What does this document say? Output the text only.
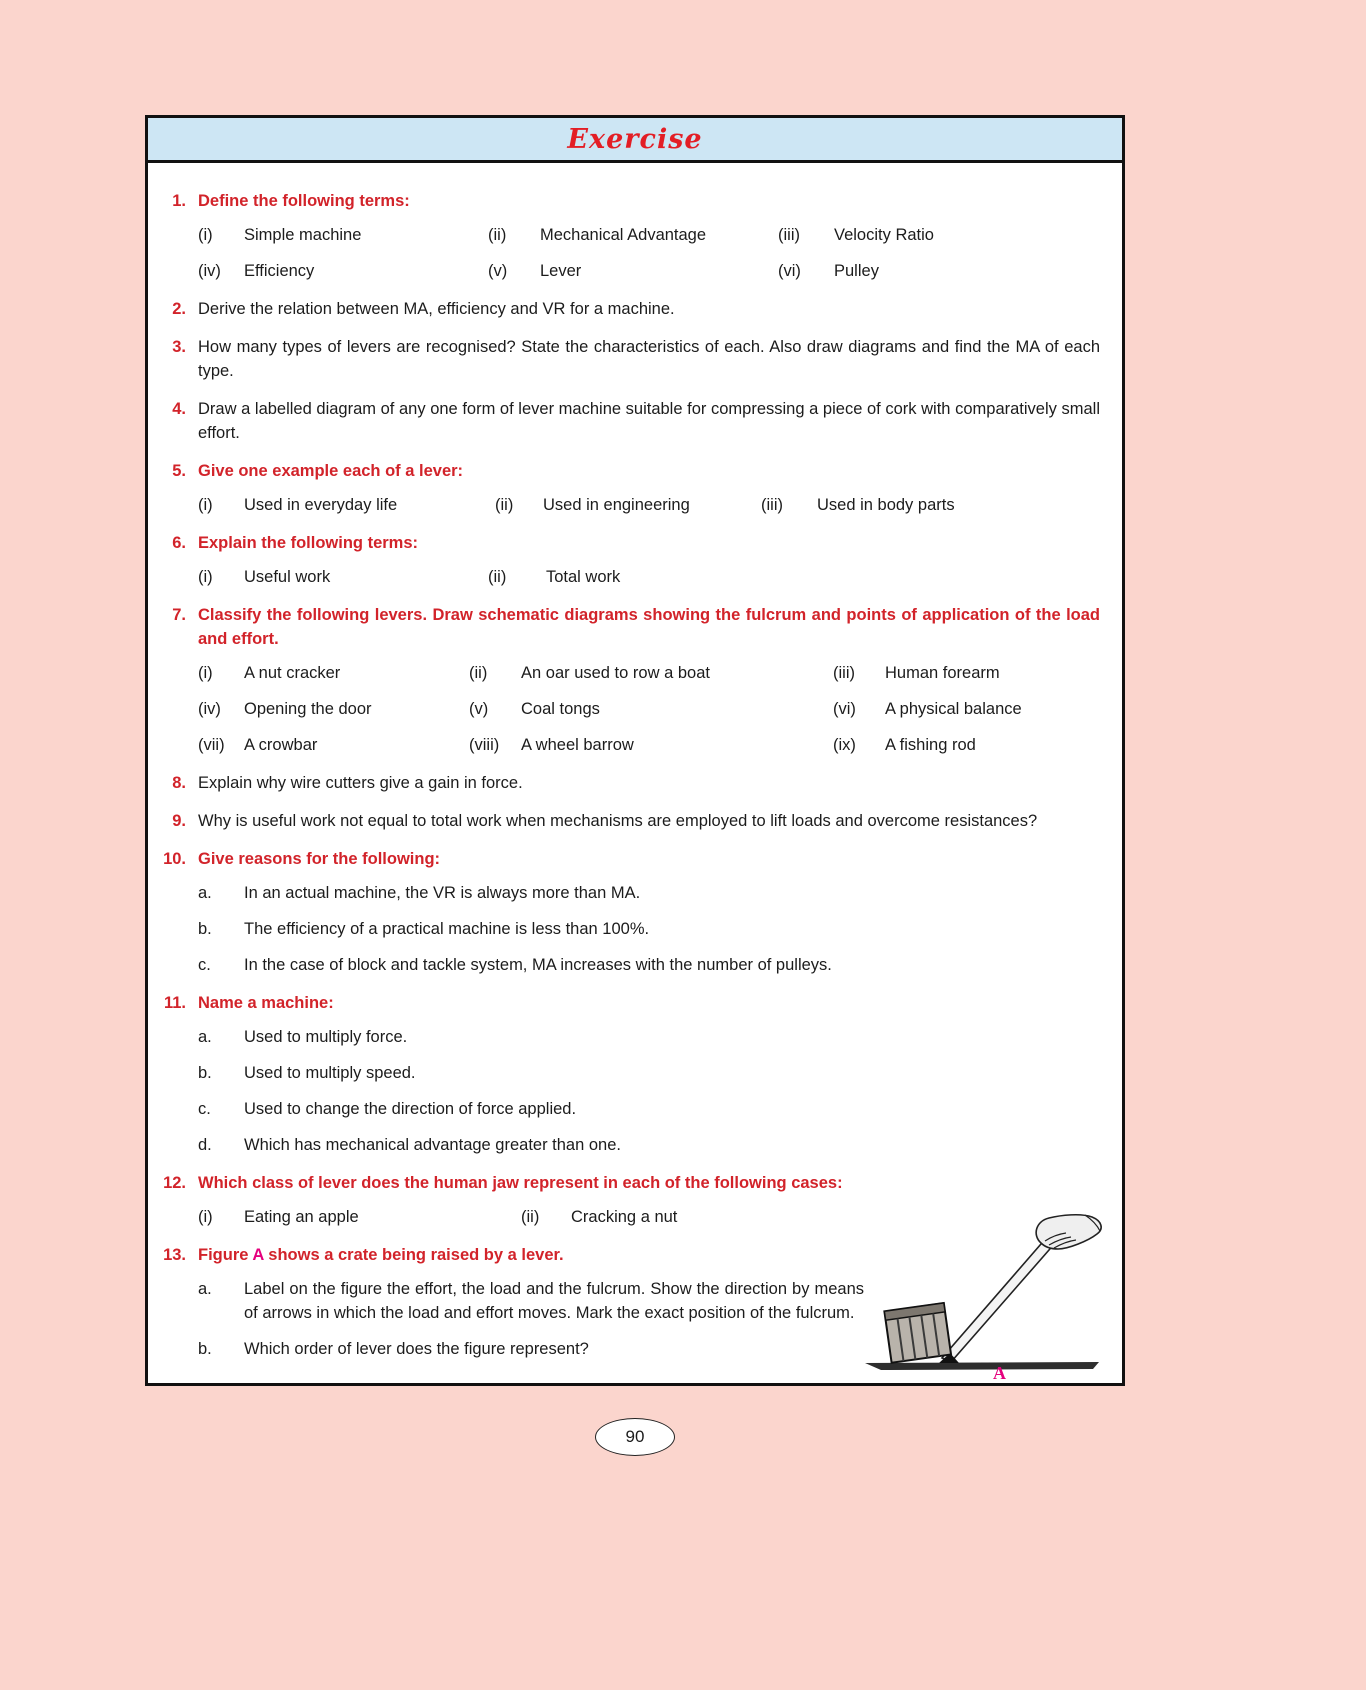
Exercise
1. Define the following terms:
(i)	Simple machine	(ii)	Mechanical Advantage	(iii)	Velocity Ratio
(iv)	Efficiency	(v)	Lever	(vi)	Pulley
2. Derive the relation between MA, efficiency and VR for a machine.
3. How many types of levers are recognised? State the characteristics of each. Also draw diagrams and find the MA of each type.
4. Draw a labelled diagram of any one form of lever machine suitable for compressing a piece of cork with comparatively small effort.
5. Give one example each of a lever:
(i)	Used in everyday life	(ii)	Used in engineering	(iii)	Used in body parts
6. Explain the following terms:
(i)	Useful work	(ii)	Total work
7. Classify the following levers. Draw schematic diagrams showing the fulcrum and points of application of the load and effort.
(i)	A nut cracker	(ii)	An oar used to row a boat	(iii)	Human forearm
(iv)	Opening the door	(v)	Coal tongs	(vi)	A physical balance
(vii)	A crowbar	(viii)	A wheel barrow	(ix)	A fishing rod
8. Explain why wire cutters give a gain in force.
9. Why is useful work not equal to total work when mechanisms are employed to lift loads and overcome resistances?
10. Give reasons for the following:
a.	In an actual machine, the VR is always more than MA.
b.	The efficiency of a practical machine is less than 100%.
c.	In the case of block and tackle system, MA increases with the number of pulleys.
11. Name a machine:
a.	Used to multiply force.
b.	Used to multiply speed.
c.	Used to change the direction of force applied.
d.	Which has mechanical advantage greater than one.
12. Which class of lever does the human jaw represent in each of the following cases:
(i)	Eating an apple	(ii)	Cracking a nut
13. Figure A shows a crate being raised by a lever.
a.	Label on the figure the effort, the load and the fulcrum. Show the direction by means of arrows in which the load and effort moves. Mark the exact position of the fulcrum.
b.	Which order of lever does the figure represent?
A
90
